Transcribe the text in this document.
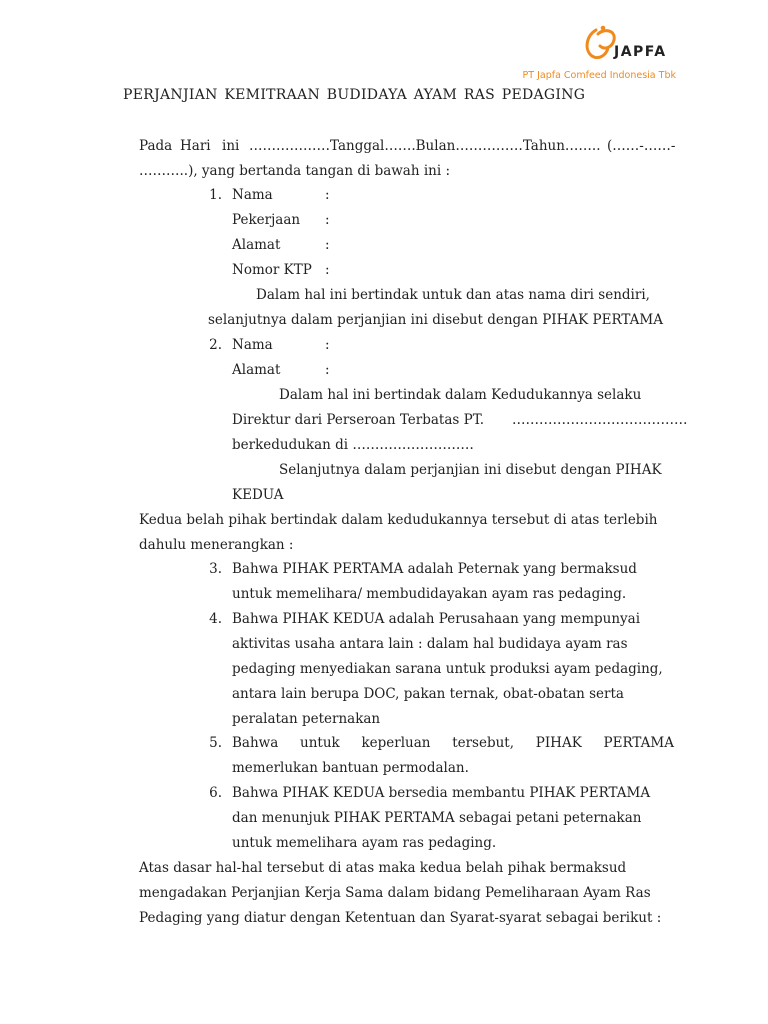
JAPFA
PT Japfa Comfeed Indonesia Tbk
PERJANJIAN KEMITRAAN BUDIDAYA AYAM RAS PEDAGING
Pada Hari ini ………………Tanggal…….Bulan……………Tahun…….. (……-……-
………..), yang bertanda tangan di bawah ini :
1. Nama	:
Pekerjaan :
Alamat	:
Nomor KTP :
Dalam hal ini bertindak untuk dan atas nama diri sendiri,
selanjutnya dalam perjanjian ini disebut dengan PIHAK PERTAMA
2. Nama	:
Alamat	:
Dalam hal ini bertindak dalam Kedudukannya selaku
Direktur dari Perseroan Terbatas PT. …………………………………
berkedudukan di ………………………
Selanjutnya dalam perjanjian ini disebut dengan PIHAK
KEDUA
Kedua belah pihak bertindak dalam kedudukannya tersebut di atas terlebih
dahulu menerangkan :
3. Bahwa PIHAK PERTAMA adalah Peternak yang bermaksud
untuk memelihara/ membudidayakan ayam ras pedaging.
4. Bahwa PIHAK KEDUA adalah Perusahaan yang mempunyai
aktivitas usaha antara lain : dalam hal budidaya ayam ras
pedaging menyediakan sarana untuk produksi ayam pedaging,
antara lain berupa DOC, pakan ternak, obat-obatan serta
peralatan peternakan
5. Bahwa untuk keperluan tersebut, PIHAK PERTAMA
memerlukan bantuan permodalan.
6. Bahwa PIHAK KEDUA bersedia membantu PIHAK PERTAMA
dan menunjuk PIHAK PERTAMA sebagai petani peternakan
untuk memelihara ayam ras pedaging.
Atas dasar hal-hal tersebut di atas maka kedua belah pihak bermaksud
mengadakan Perjanjian Kerja Sama dalam bidang Pemeliharaan Ayam Ras
Pedaging yang diatur dengan Ketentuan dan Syarat-syarat sebagai berikut :
